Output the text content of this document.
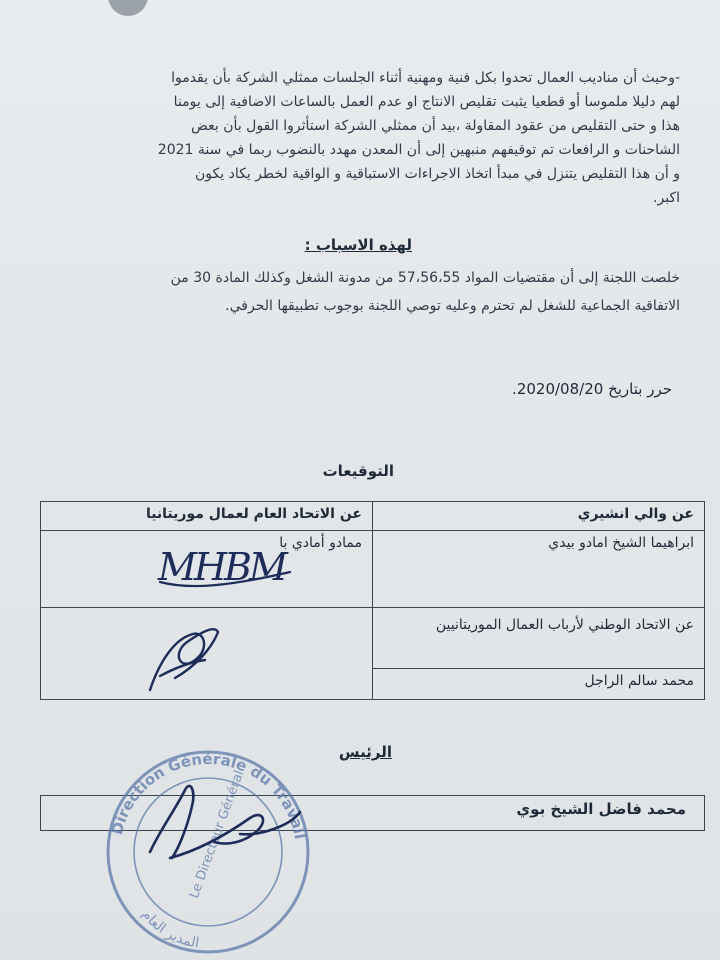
-وحيث أن مناديب العمال تحدوا بكل فنية ومهنية أثناء الجلسات ممثلي الشركة بأن يقدموا
لهم دليلا ملموسا أو قطعيا يثبت تقليص الانتاج او عدم العمل بالساعات الاضافية إلى يومنا
هذا و حتى التقليص من عقود المقاولة ،بيد أن ممثلي الشركة استأثروا القول بأن بعض
الشاحنات و الرافعات تم توقيفهم منبهين إلى أن المعدن مهدد بالنضوب ربما في سنة 2021
و أن هذا التقليص يتنزل في مبدأ اتخاذ الاجراءات الاستباقية و الواقية لخطر يكاد يكون
اكبر.
لهذه الاسباب :
خلصت اللجنة إلى أن مقتضيات المواد 57،56،55 من مدونة الشغل وكذلك المادة 30 من
الاتفاقية الجماعية للشغل لم تحترم وعليه توصي اللجنة بوجوب تطبيقها الحرفي.
حرر بتاريخ 2020/08/20.
التوقيعات
عن والي انشيري	عن الاتحاد العام لعمال موريتانيا
ابراهيما الشيخ امادو بيدي	ممادو أمادي با
عن الاتحاد الوطني لأرباب العمال الموريتانيين	
محمد سالم الراجل	
الرئيس
محمد فاضل الشيخ بوي
Direction Générale du Travail
Le Directeur Général
المدير العام
MHBM
